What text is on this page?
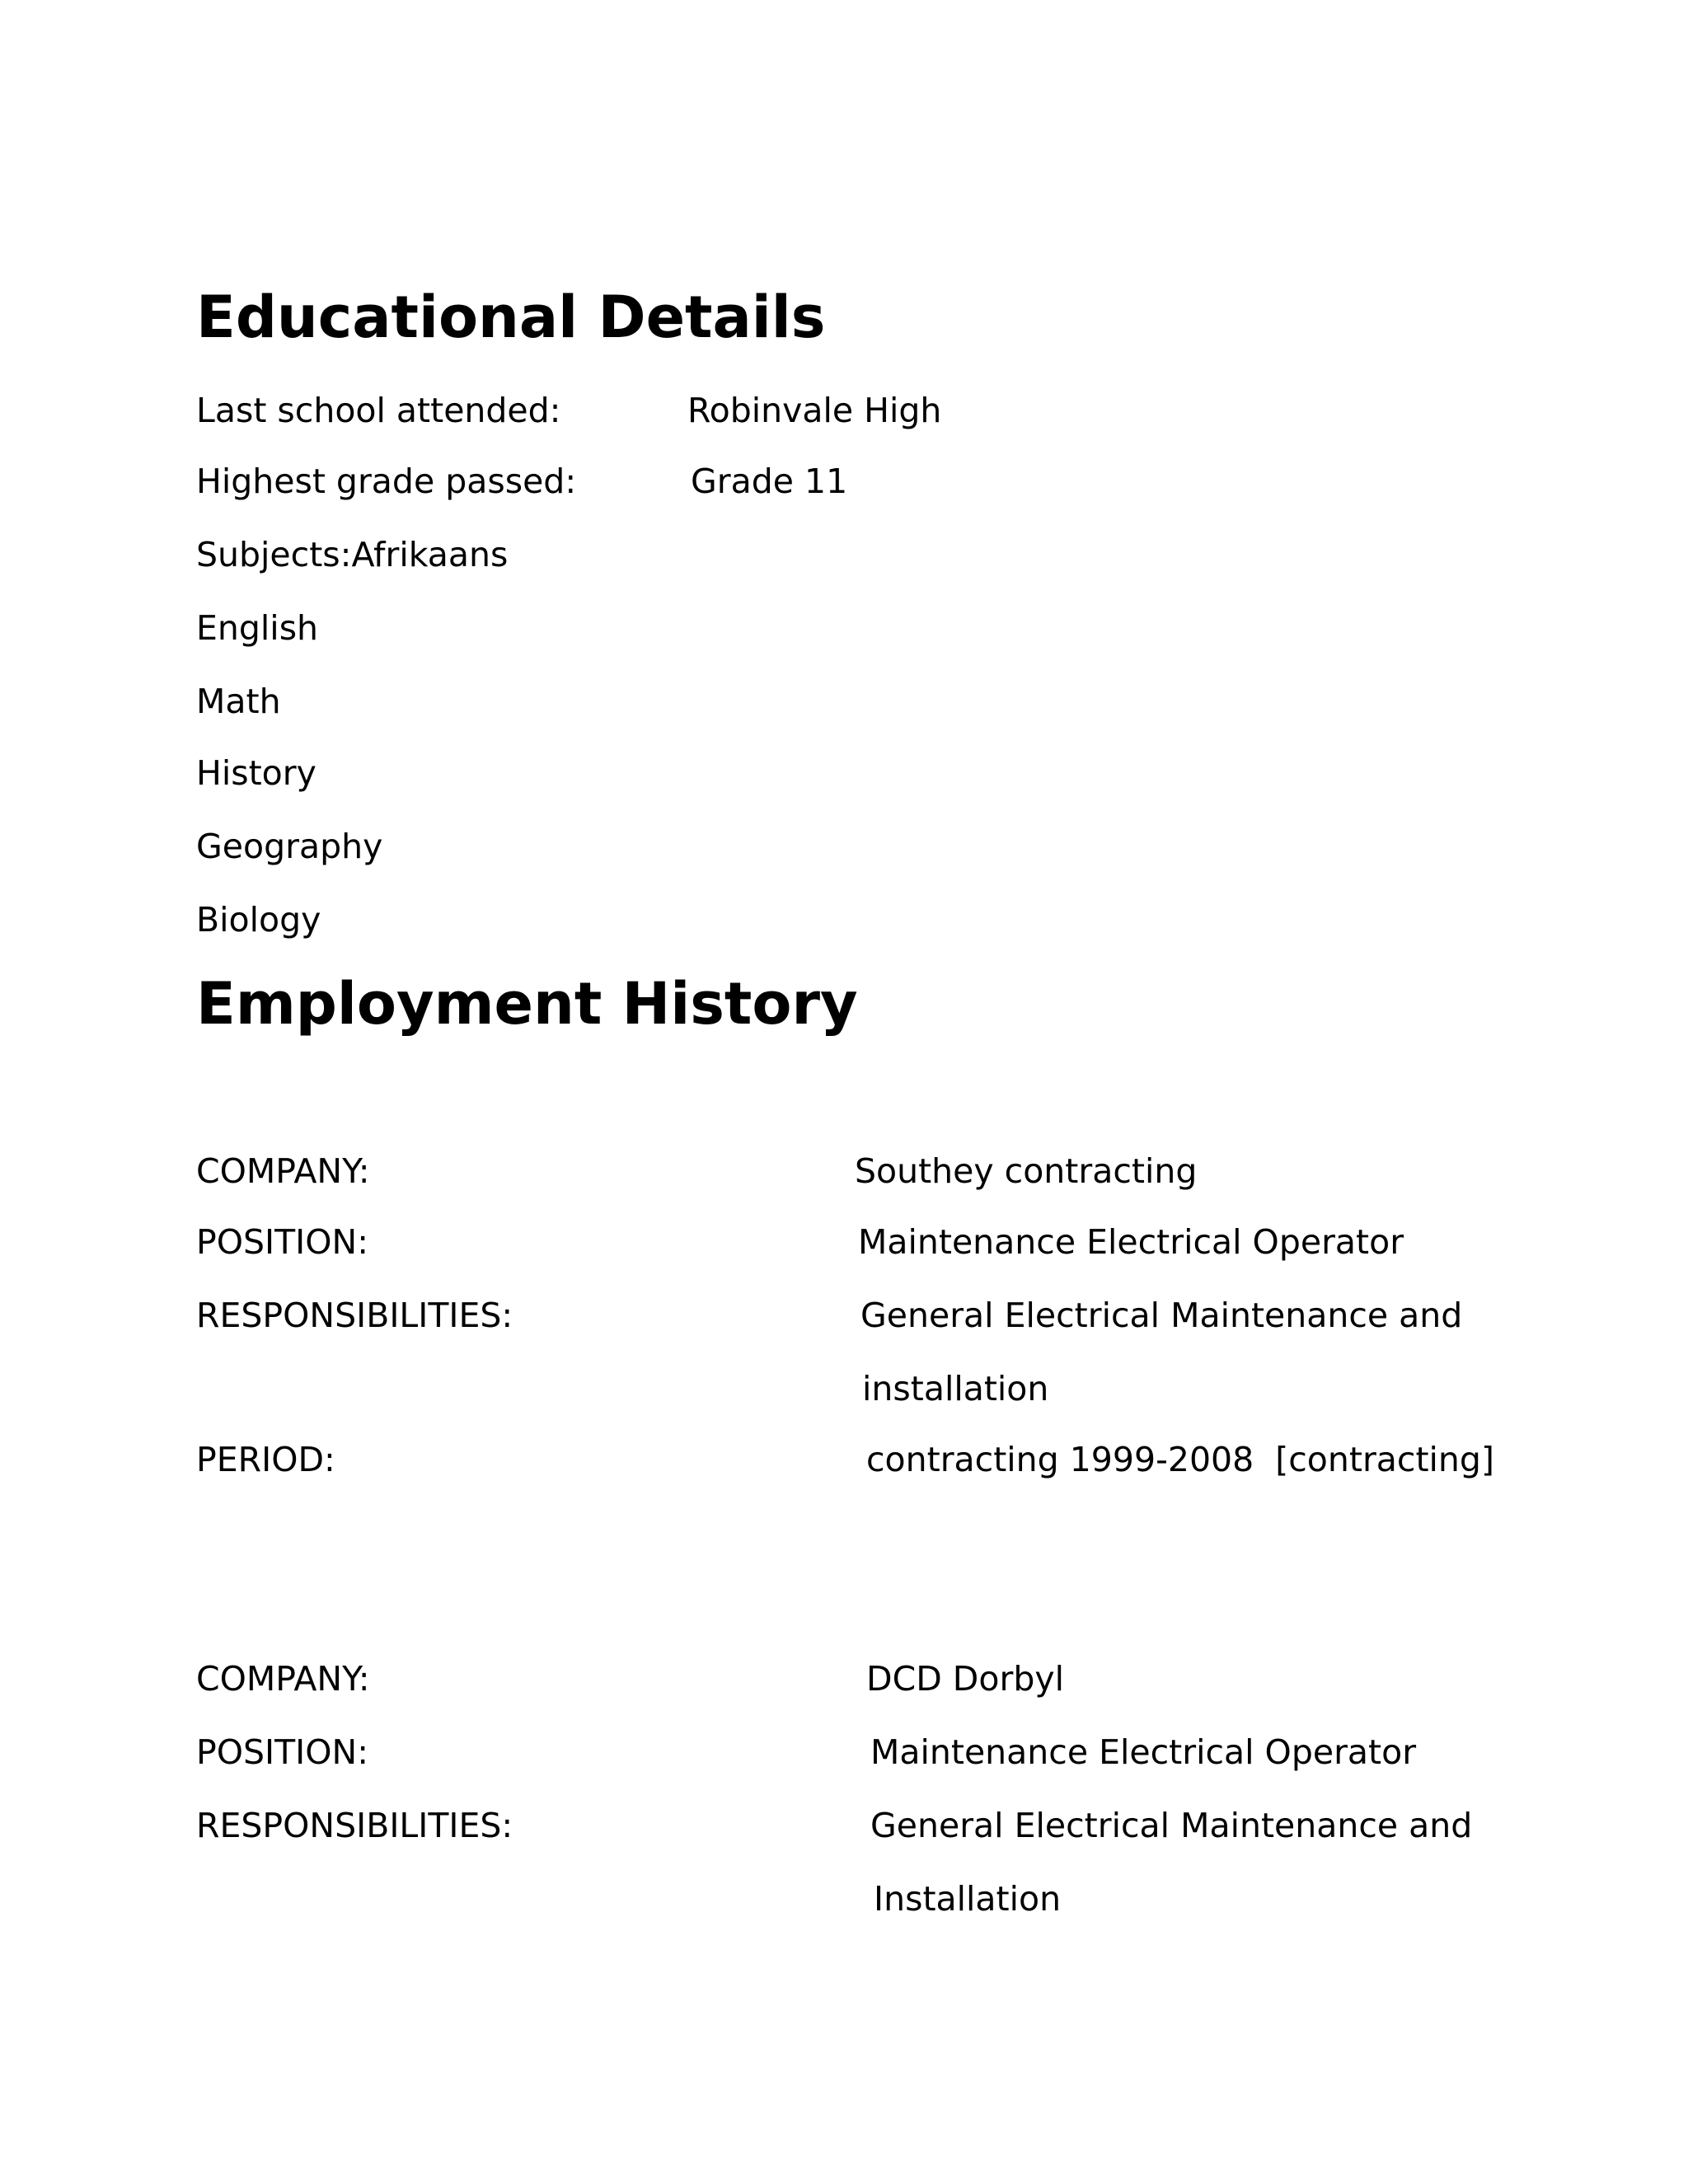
Educational Details
Last school attended:	Robinvale High
Highest grade passed:	Grade 11
Subjects:Afrikaans
English
Math
History
Geography
Biology
Employment History
COMPANY:	Southey contracting
POSITION:	Maintenance Electrical Operator
RESPONSIBILITIES:	General Electrical Maintenance and
installation
PERIOD:	contracting 1999-2008  [contracting]
COMPANY:	DCD Dorbyl
POSITION:	Maintenance Electrical Operator
RESPONSIBILITIES:	General Electrical Maintenance and
Installation
